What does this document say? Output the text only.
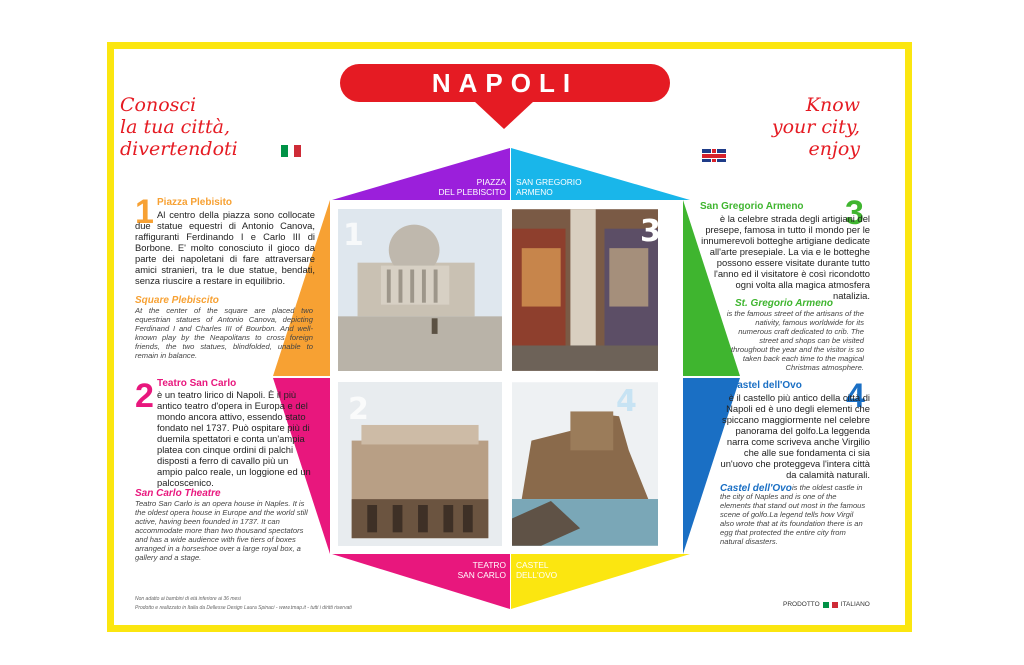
NAPOLI
Conosci
la tua città,
divertendoti
Know
your city,
enjoy
PIAZZA
DEL PLEBISCITO
SAN GREGORIO
ARMENO
TEATRO
SAN CARLO
CASTEL
DELL'OVO
1	3
2	4
1 Piazza Plebisito
Al centro della piazza sono collocate due statue equestri di Antonio Canova, raffiguranti Ferdinando I e Carlo III di Borbone. E' molto conosciuto il gioco da parte dei napoletani di fare attraversare amici stranieri, tra le due statue, bendati, senza riuscire a restare in equilibrio.
Square Plebiscito
At the center of the square are placed two equestrian statues of Antonio Canova, depicting Ferdinand I and Charles III of Bourbon. And well-known play by the Neapolitans to cross foreign friends, the two statues, blindfolded, unable to remain in balance.
2 Teatro San Carlo
è un teatro lirico di Napoli. È il più antico teatro d'opera in Europa e del mondo ancora attivo, essendo stato fondato nel 1737. Può ospitare più di duemila spettatori e conta un'ampia platea con cinque ordini di palchi disposti a ferro di cavallo più un ampio palco reale, un loggione ed un palcoscenico.
San Carlo Theatre
Teatro San Carlo is an opera house in Naples. It is the oldest opera house in Europe and the world still active, having been founded in 1737. It can accommodate more than two thousand spectators and has a wide audience with five tiers of boxes arranged in a horseshoe over a large royal box, a gallery and a stage.
San Gregorio Armeno 3
è la celebre strada degli artigiani del presepe, famosa in tutto il mondo per le innumerevoli botteghe artigiane dedicate all'arte presepiale. La via e le botteghe possono essere visitate durante tutto l'anno ed il visitatore è così ricondotto ogni volta alla magica atmosfera natalizia.
St. Gregorio Armeno
is the famous street of the artisans of the nativity, famous worldwide for its numerous craft dedicated to crib. The street and shops can be visited throughout the year and the visitor is so taken back each time to the magical Christmas atmosphere.
Castel dell'Ovo 4
è il castello più antico della città di Napoli ed è uno degli elementi che spiccano maggiormente nel celebre panorama del golfo.La leggenda narra come scriveva anche Virgilio che alle sue fondamenta ci sia un'uovo che proteggeva l'intera città da calamità naturali.
Castel dell'Ovo is the oldest castle in the city of Naples and is one of the elements that stand out most in the famous scene of golfo.La legend tells how Virgil also wrote that at its foundation there is an egg that protected the entire city from natural disasters.
Non adatto ai bambini di età inferiore ai 36 mesi
Prodotto e realizzato in Italia da Dellesse Design Laura Spinaci - www.tmap.it - tutti i diritti riservati	PRODOTTO	ITALIANO
